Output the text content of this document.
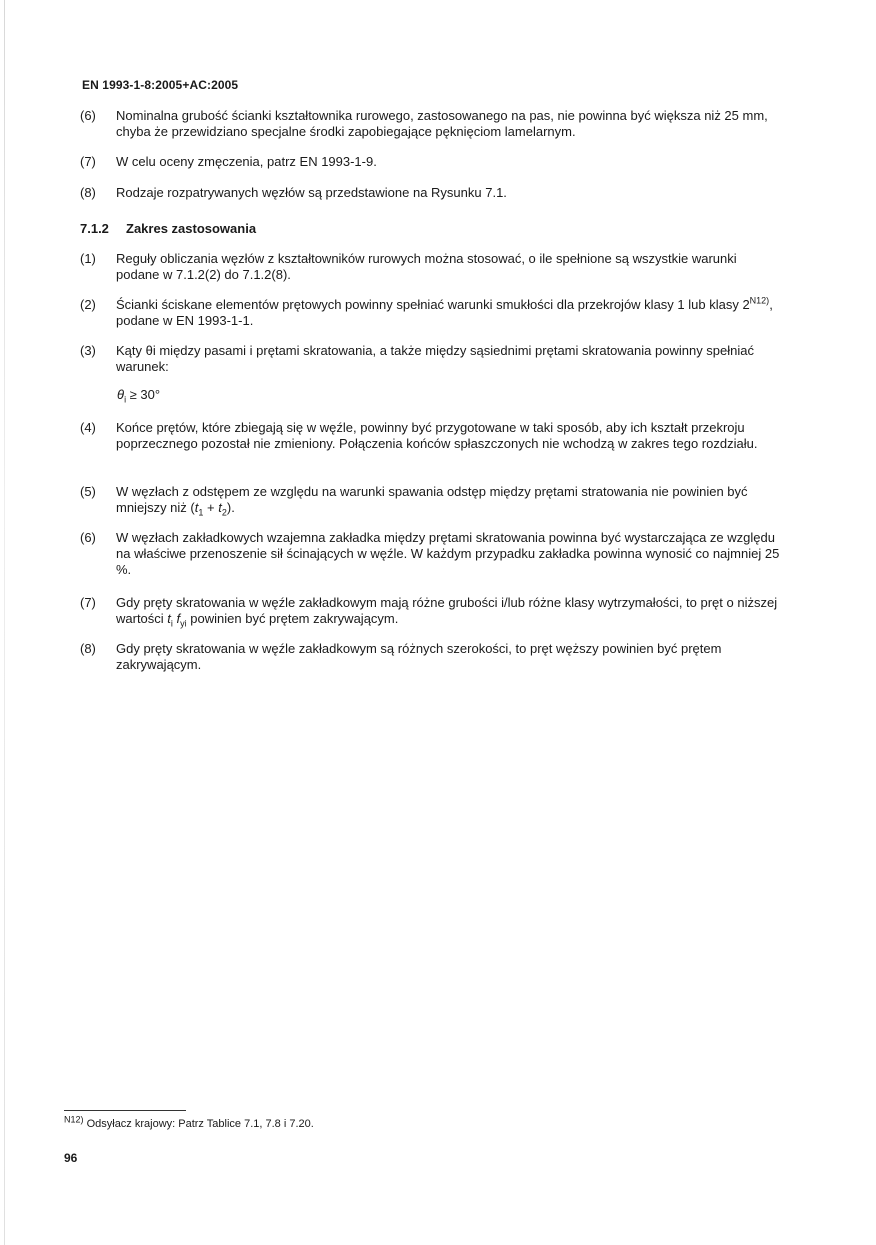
EN 1993-1-8:2005+AC:2005
(6) Nominalna grubość ścianki kształtownika rurowego, zastosowanego na pas, nie powinna być większa niż 25 mm, chyba że przewidziano specjalne środki zapobiegające pęknięciom lamelarnym.
(7) W celu oceny zmęczenia, patrz EN 1993-1-9.
(8) Rodzaje rozpatrywanych węzłów są przedstawione na Rysunku 7.1.
7.1.2 Zakres zastosowania
(1) Reguły obliczania węzłów z kształtowników rurowych można stosować, o ile spełnione są wszystkie warunki podane w 7.1.2(2) do 7.1.2(8).
(2) Ścianki ściskane elementów prętowych powinny spełniać warunki smukłości dla przekrojów klasy 1 lub klasy $2^{N12)}$, podane w EN 1993-1-1.
(3) Kąty θi między pasami i prętami skratowania, a także między sąsiednimi prętami skratowania powinny spełniać warunek:
$\theta_i \ge 30^\circ$
(4) Końce prętów, które zbiegają się w węźle, powinny być przygotowane w taki sposób, aby ich kształt przekroju poprzecznego pozostał nie zmieniony. Połączenia końców spłaszczonych nie wchodzą w zakres tego rozdziału.
(5) W węzłach z odstępem ze względu na warunki spawania odstęp między prętami stratowania nie powinien być mniejszy niż $(t_1 + t_2)$.
(6) W węzłach zakładkowych wzajemna zakładka między prętami skratowania powinna być wystarczająca ze względu na właściwe przenoszenie sił ścinających w węźle. W każdym przypadku zakładka powinna wynosić co najmniej 25 %.
(7) Gdy pręty skratowania w węźle zakładkowym mają różne grubości i/lub różne klasy wytrzymałości, to pręt o niższej wartości $t_i$ $f_{yi}$ powinien być prętem zakrywającym.
(8) Gdy pręty skratowania w węźle zakładkowym są różnych szerokości, to pręt węższy powinien być prętem zakrywającym.
$^{N12)}$ Odsyłacz krajowy: Patrz Tablice 7.1, 7.8 i 7.20.
96
